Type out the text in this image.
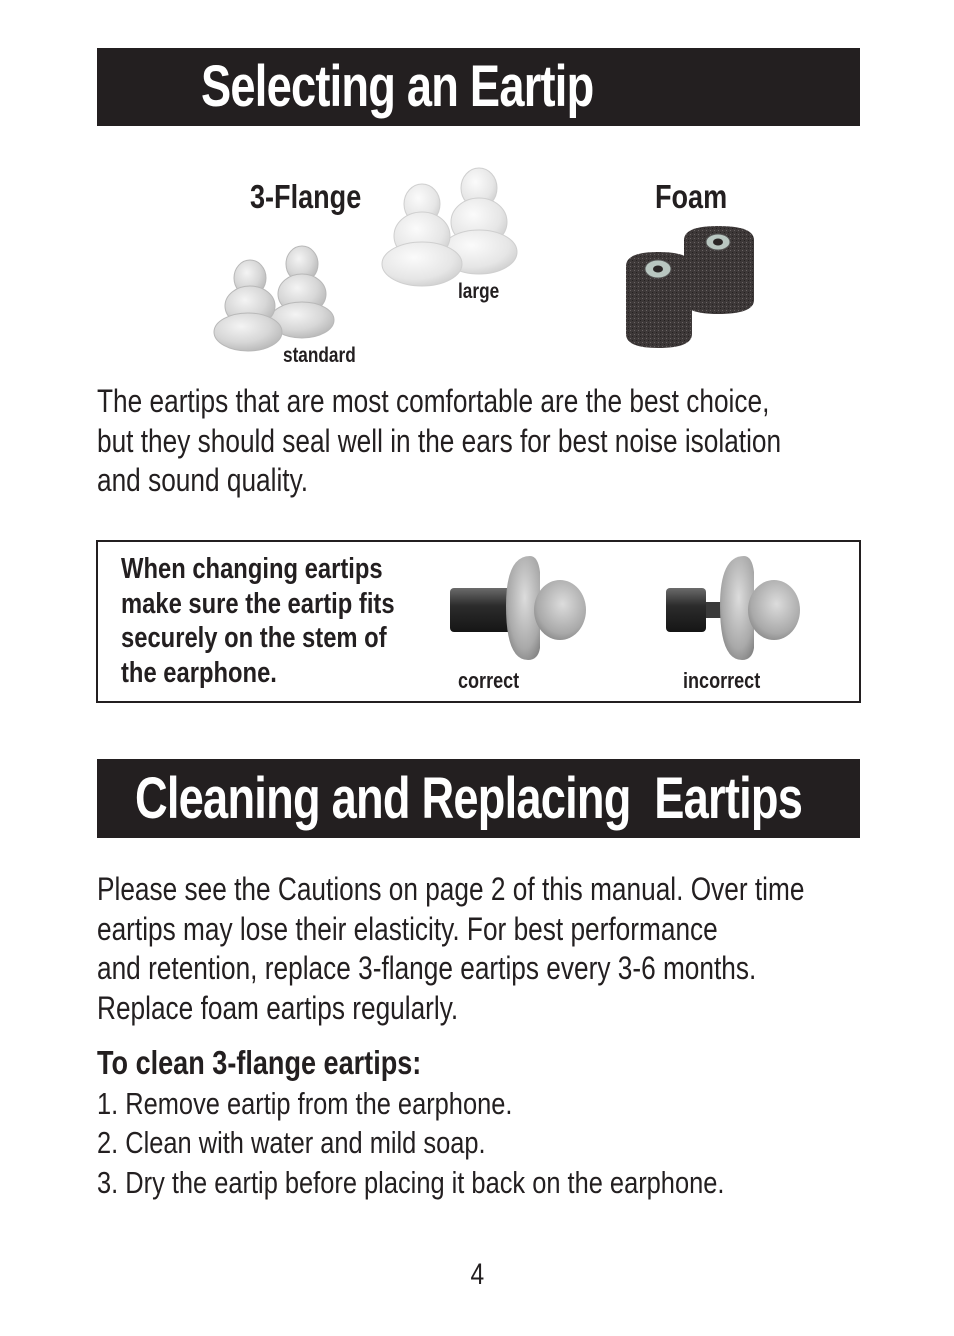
Selecting an Eartip
3-Flange	Foam
large
standard
The eartips that are most comfortable are the best choice,
but they should seal well in the ears for best noise isolation
and sound quality.
When changing eartips
make sure the eartip fits
securely on the stem of
the earphone.	correct	incorrect
Cleaning and Replacing  Eartips
Please see the Cautions on page 2 of this manual. Over time
eartips may lose their elasticity. For best performance
and retention, replace 3-flange eartips every 3-6 months.
Replace foam eartips regularly.
To clean 3-flange eartips:
1. Remove eartip from the earphone.
2. Clean with water and mild soap.
3. Dry the eartip before placing it back on the earphone.
4
